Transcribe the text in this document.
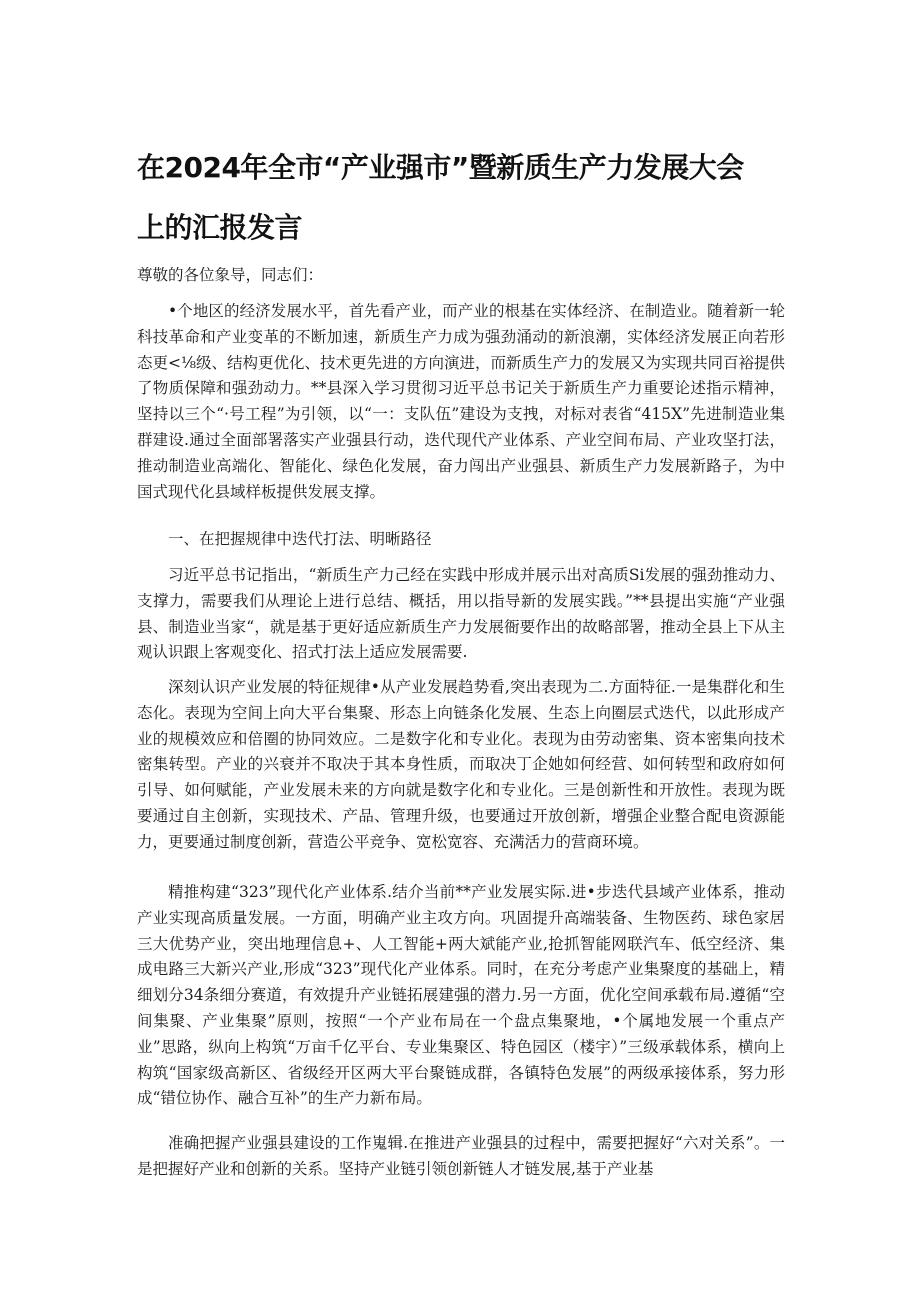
在2024年全市“产业强市”暨新质生产力发展大会
上的汇报发言

尊敬的各位象导，同志们：

•个地区的经济发展水平，首先看产业，而产业的根基在实体经济、在制造业。随着新一轮科技革命和产业变革的不断加速，新质生产力成为强劲涌动的新浪潮，实体经济发展正向若形态更<⅛级、结构更优化、技术更先进的方向演进，而新质生产力的发展又为实现共同百裕提供了物质保障和强劲动力。**县深入学习贯彻习近平总书记关于新质生产力重要论述指示精神，坚持以三个“·号工程”为引领，以“一：支队伍”建设为支拽，对标对表省“415X”先进制造业集群建设.通过全面部署落实产业强县行动，迭代现代产业体系、产业空间布局、产业攻坚打法，推动制造业高端化、智能化、绿色化发展，奋力闯出产业强县、新质生产力发展新路子，为中国式现代化县域样板提供发展支撑。

一、在把握规律中迭代打法、明晰路径

习近平总书记指出，“新质生产力己经在实践中形成并展示出对高质Si发展的强劲推动力、支撑力，需要我们从理论上进行总结、概括，用以指导新的发展实践。”**县提出实施“产业强县、制造业当家“，就是基于更好适应新质生产力发展衙要作出的故略部署，推动全县上下从主观认识跟上客观变化、招式打法上适应发展需要.

深刻认识产业发展的特征规律•从产业发展趋势看,突出表现为二.方面特征.一是集群化和生态化。表现为空间上向大平台集聚、形态上向链条化发展、生态上向圈层式迭代，以此形成产业的规模效应和倍圈的协同效应。二是数字化和专业化。表现为由劳动密集、资本密集向技术密集转型。产业的兴衰并不取决于其本身性质，而取决丁企她如何经营、如何转型和政府如何引导、如何赋能，产业发展未来的方向就是数字化和专业化。三是创新性和开放性。表现为既要通过自主创新，实现技术、产品、管理升级，也要通过开放创新，增强企业整合配电资源能力，更要通过制度创新，营造公平竞争、宽松宽容、充满活力的营商环境。

精推构建“323”现代化产业体系.结介当前**产业发展实际.进•步迭代县域产业体系，推动产业实现高质量发展。一方面，明确产业主攻方向。巩固提升高端装备、生物医药、球色家居三大优势产业，突出地理信息+、人工智能+两大斌能产业,抢抓智能网联汽车、低空经济、集成电路三大新兴产业,形成“323”现代化产业体系。同时，在充分考虑产业集聚度的基础上，精细划分34条细分赛道，有效提升产业链拓展建强的潜力.另一方面，优化空间承载布局.遵循“空间集聚、产业集聚”原则，按照“一个产业布局在一个盘点集聚地，•个属地发展一个重点产业”思路，纵向上构筑“万亩千亿平台、专业集聚区、特色园区（楼宇）”三级承载体系，横向上构筑“国家级高新区、省级经开区两大平台聚链成群，各镇特色发展”的两级承接体系，努力形成“错位协作、融合互补”的生产力新布局。

准确把握产业强县建设的工作嵬辑.在推进产业强县的过程中，需要把握好“六对关系”。一是把握好产业和创新的关系。坚持产业链引领创新链人才链发展,基于产业基
